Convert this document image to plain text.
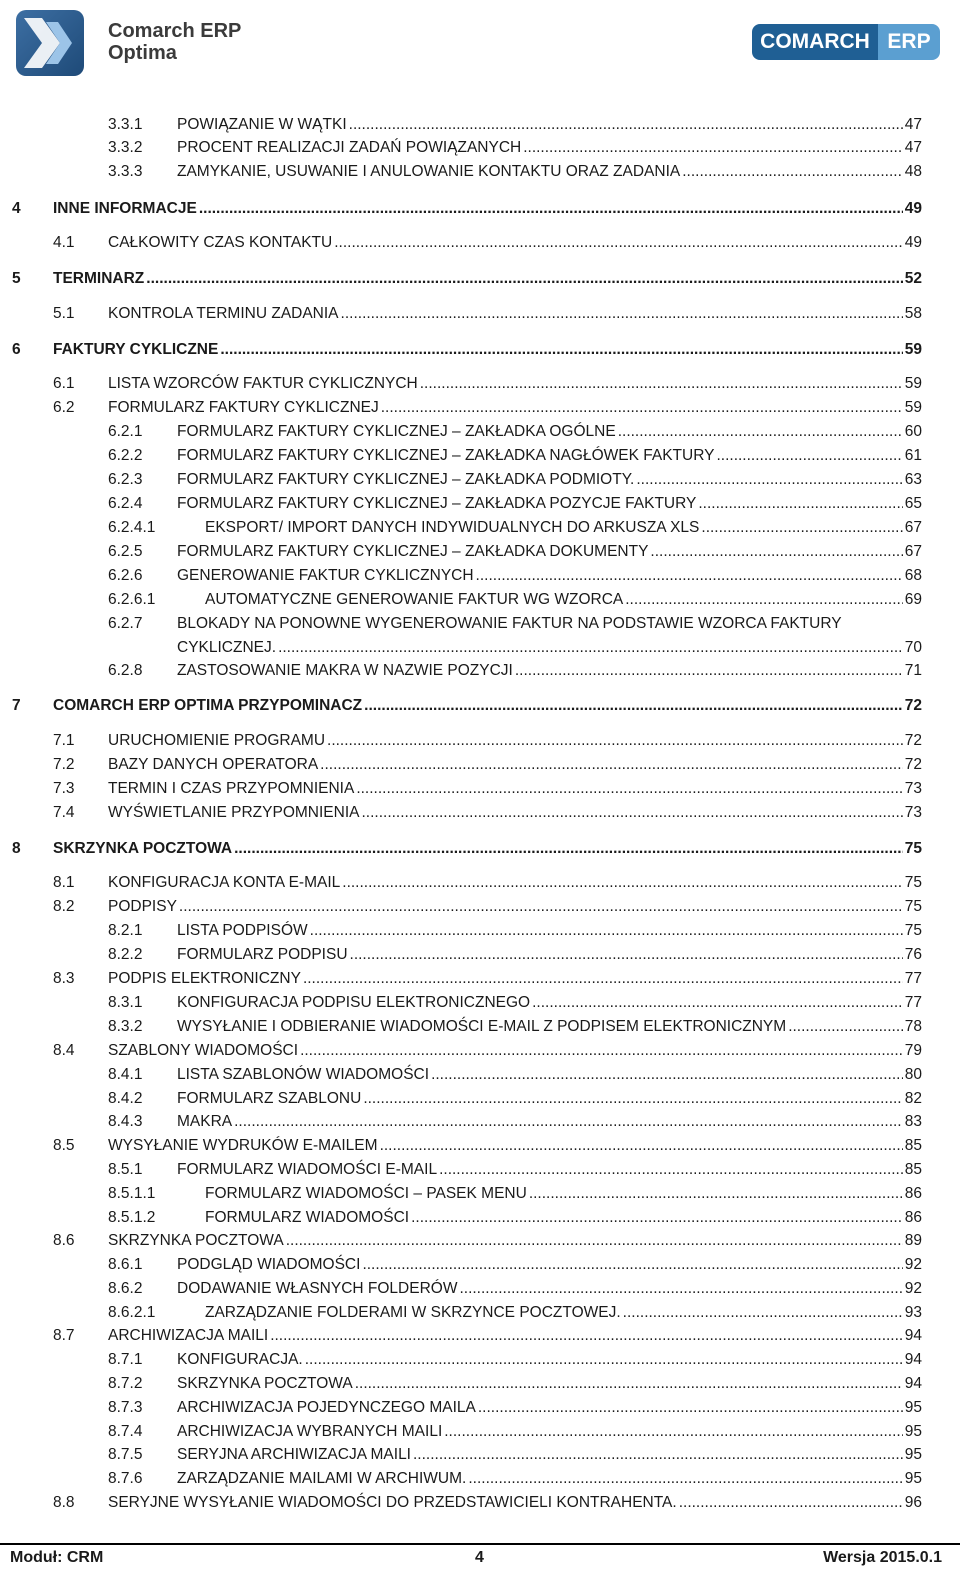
Comarch ERP
Optima	COMARCH ERP
3.3.1 POWIĄZANIE W WĄTKI .....	47
3.3.2 PROCENT REALIZACJI ZADAŃ POWIĄZANYCH .....	47
3.3.3 ZAMYKANIE, USUWANIE I ANULOWANIE KONTAKTU ORAZ ZADANIA .....	48
4 INNE INFORMACJE .....	49
4.1 CAŁKOWITY CZAS KONTAKTU .....	49
5 TERMINARZ .....	52
5.1 KONTROLA TERMINU ZADANIA .....	58
6 FAKTURY CYKLICZNE .....	59
6.1 LISTA WZORCÓW FAKTUR CYKLICZNYCH .....	59
6.2 FORMULARZ FAKTURY CYKLICZNEJ .....	59
6.2.1 FORMULARZ FAKTURY CYKLICZNEJ – ZAKŁADKA OGÓLNE .....	60
6.2.2 FORMULARZ FAKTURY CYKLICZNEJ – ZAKŁADKA NAGŁÓWEK FAKTURY .....	61
6.2.3 FORMULARZ FAKTURY CYKLICZNEJ – ZAKŁADKA PODMIOTY. .....	63
6.2.4 FORMULARZ FAKTURY CYKLICZNEJ – ZAKŁADKA POZYCJE FAKTURY .....	65
6.2.4.1	EKSPORT/ IMPORT DANYCH INDYWIDUALNYCH DO ARKUSZA XLS .....	67
6.2.5 FORMULARZ FAKTURY CYKLICZNEJ – ZAKŁADKA DOKUMENTY .....	67
6.2.6 GENEROWANIE FAKTUR CYKLICZNYCH .....	68
6.2.6.1	AUTOMATYCZNE GENEROWANIE FAKTUR WG WZORCA .....	69
6.2.7 BLOKADY NA PONOWNE WYGENEROWANIE FAKTUR NA PODSTAWIE WZORCA FAKTURY
CYKLICZNEJ. .....	70
6.2.8 ZASTOSOWANIE MAKRA W NAZWIE POZYCJI .....	71
7 COMARCH ERP OPTIMA PRZYPOMINACZ .....	72
7.1 URUCHOMIENIE PROGRAMU .....	72
7.2 BAZY DANYCH OPERATORA .....	72
7.3 TERMIN I CZAS PRZYPOMNIENIA .....	73
7.4 WYŚWIETLANIE PRZYPOMNIENIA .....	73
8 SKRZYNKA POCZTOWA .....	75
8.1 KONFIGURACJA KONTA E-MAIL .....	75
8.2 PODPISY .....	75
8.2.1 LISTA PODPISÓW .....	75
8.2.2 FORMULARZ PODPISU .....	76
8.3 PODPIS ELEKTRONICZNY .....	77
8.3.1 KONFIGURACJA PODPISU ELEKTRONICZNEGO .....	77
8.3.2 WYSYŁANIE I ODBIERANIE WIADOMOŚCI E-MAIL Z PODPISEM ELEKTRONICZNYM .....	78
8.4 SZABLONY WIADOMOŚCI .....	79
8.4.1 LISTA SZABLONÓW WIADOMOŚCI .....	80
8.4.2 FORMULARZ SZABLONU .....	82
8.4.3 MAKRA .....	83
8.5 WYSYŁANIE WYDRUKÓW E-MAILEM .....	85
8.5.1 FORMULARZ WIADOMOŚCI E-MAIL .....	85
8.5.1.1	FORMULARZ WIADOMOŚCI – PASEK MENU .....	86
8.5.1.2	FORMULARZ WIADOMOŚCI .....	86
8.6 SKRZYNKA POCZTOWA .....	89
8.6.1 PODGLĄD WIADOMOŚCI .....	92
8.6.2 DODAWANIE WŁASNYCH FOLDERÓW .....	92
8.6.2.1	ZARZĄDZANIE FOLDERAMI W SKRZYNCE POCZTOWEJ. .....	93
8.7 ARCHIWIZACJA MAILI .....	94
8.7.1 KONFIGURACJA. .....	94
8.7.2 SKRZYNKA POCZTOWA .....	94
8.7.3 ARCHIWIZACJA POJEDYNCZEGO MAILA .....	95
8.7.4 ARCHIWIZACJA WYBRANYCH MAILI .....	95
8.7.5 SERYJNA ARCHIWIZACJA MAILI .....	95
8.7.6 ZARZĄDZANIE MAILAMI W ARCHIWUM. .....	95
8.8 SERYJNE WYSYŁANIE WIADOMOŚCI DO PRZEDSTAWICIELI KONTRAHENTA. .....	96
Moduł: CRM	4	Wersja 2015.0.1
